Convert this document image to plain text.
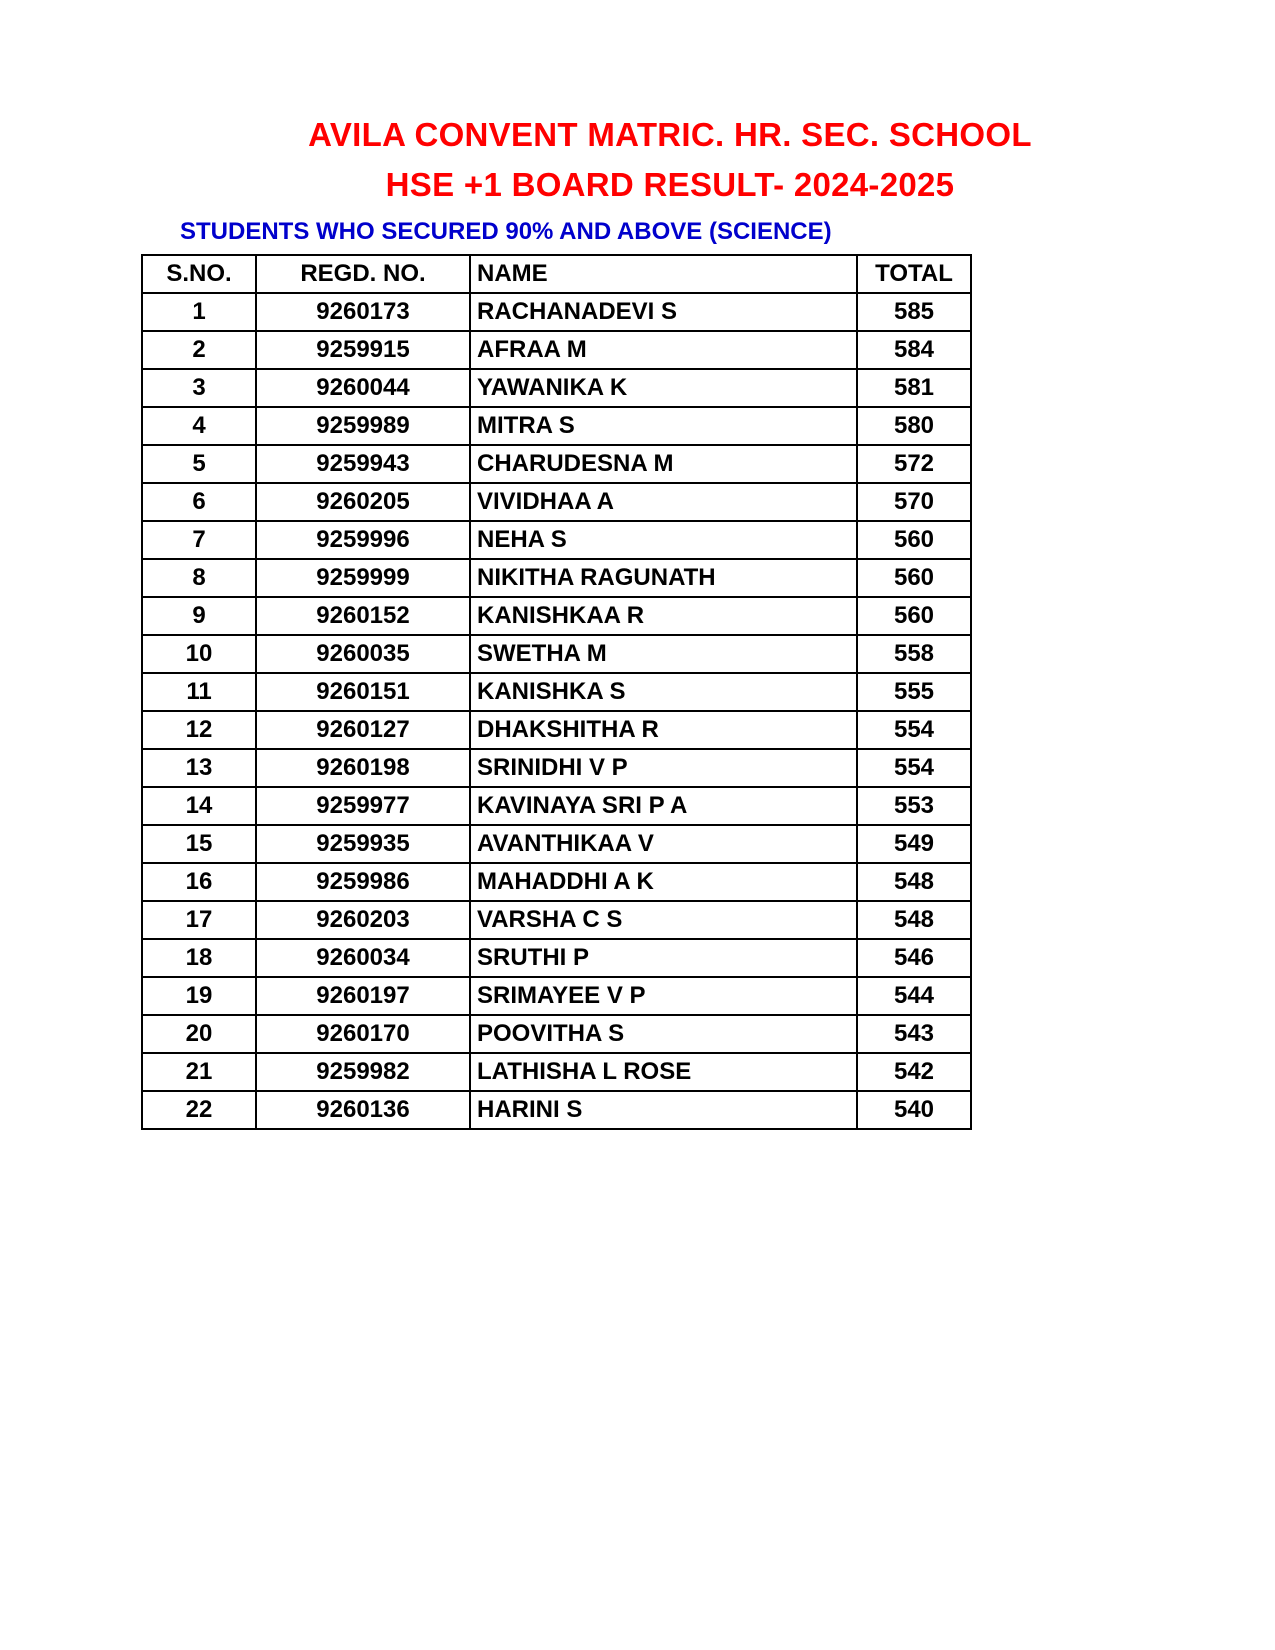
AVILA CONVENT MATRIC. HR. SEC. SCHOOL
HSE +1 BOARD RESULT- 2024-2025
STUDENTS WHO SECURED 90% AND ABOVE (SCIENCE)
S.NO.	REGD. NO.	NAME	TOTAL
1	9260173	RACHANADEVI S	585
2	9259915	AFRAA M	584
3	9260044	YAWANIKA K	581
4	9259989	MITRA S	580
5	9259943	CHARUDESNA M	572
6	9260205	VIVIDHAA A	570
7	9259996	NEHA S	560
8	9259999	NIKITHA RAGUNATH	560
9	9260152	KANISHKAA R	560
10	9260035	SWETHA M	558
11	9260151	KANISHKA S	555
12	9260127	DHAKSHITHA R	554
13	9260198	SRINIDHI V P	554
14	9259977	KAVINAYA SRI P A	553
15	9259935	AVANTHIKAA V	549
16	9259986	MAHADDHI A K	548
17	9260203	VARSHA C S	548
18	9260034	SRUTHI P	546
19	9260197	SRIMAYEE V P	544
20	9260170	POOVITHA S	543
21	9259982	LATHISHA L ROSE	542
22	9260136	HARINI S	540
